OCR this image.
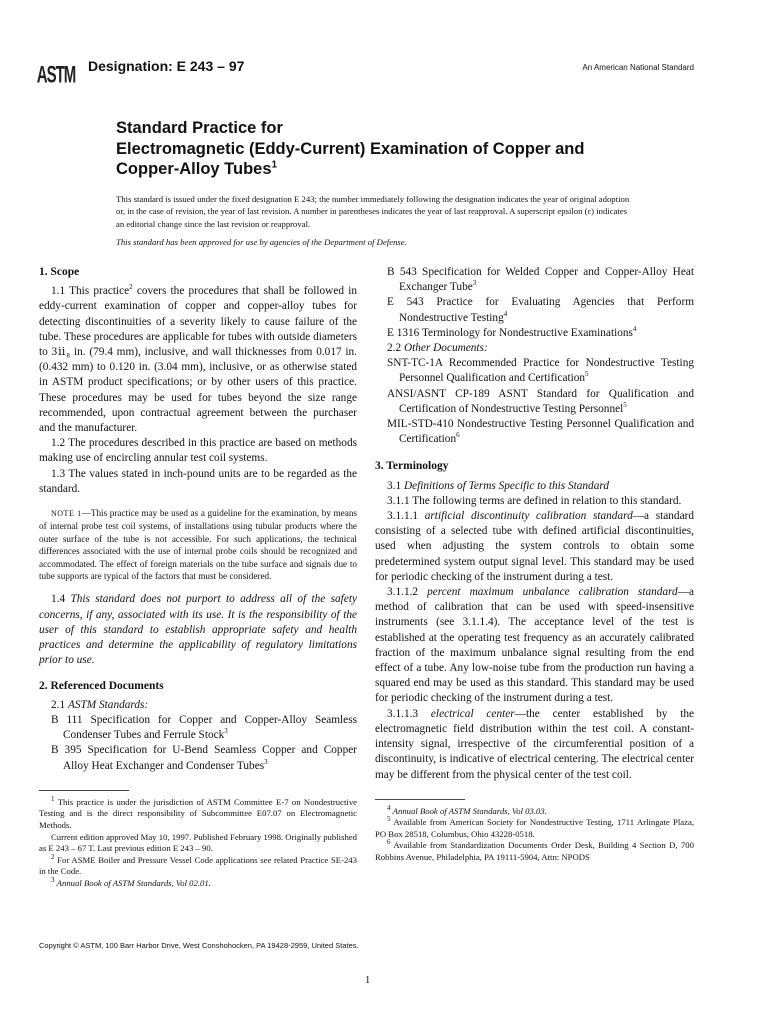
ASTM Designation: E 243 – 97	An American National Standard
Standard Practice for
Electromagnetic (Eddy-Current) Examination of Copper and
Copper-Alloy Tubes$^1$
This standard is issued under the fixed designation E 243; the number immediately following the designation indicates the year of original adoption or, in the case of revision, the year of last revision. A number in parentheses indicates the year of last reapproval. A superscript epsilon (ε) indicates an editorial change since the last revision or reapproval.
This standard has been approved for use by agencies of the Department of Defense.
1. Scope

1.1 This practice$^2$ covers the procedures that shall be followed in eddy-current examination of copper and copper-alloy tubes for detecting discontinuities of a severity likely to cause failure of the tube. These procedures are applicable for tubes with outside diameters to 3ⅱ₈ in. (79.4 mm), inclusive, and wall thicknesses from 0.017 in. (0.432 mm) to 0.120 in. (3.04 mm), inclusive, or as otherwise stated in ASTM product specifications; or by other users of this practice. These procedures may be used for tubes beyond the size range recommended, upon contractual agreement between the purchaser and the manufacturer.

1.2 The procedures described in this practice are based on methods making use of encircling annular test coil systems.

1.3 The values stated in inch-pound units are to be regarded as the standard.

NOTE 1—This practice may be used as a guideline for the examination, by means of internal probe test coil systems, of installations using tubular products where the outer surface of the tube is not accessible. For such applications, the technical differences associated with the use of internal probe coils should be recognized and accommodated. The effect of foreign materials on the tube surface and signals due to tube supports are typical of the factors that must be considered.

1.4 This standard does not purport to address all of the safety concerns, if any, associated with its use. It is the responsibility of the user of this standard to establish appropriate safety and health practices and determine the applicability of regulatory limitations prior to use.

2. Referenced Documents

2.1 ASTM Standards:

B 111 Specification for Copper and Copper-Alloy Seamless Condenser Tubes and Ferrule Stock$^3$

B 395 Specification for U-Bend Seamless Copper and Copper Alloy Heat Exchanger and Condenser Tubes$^3$

$^1$ This practice is under the jurisdiction of ASTM Committee E-7 on Nondestructive Testing and is the direct responsibility of Subcommittee E07.07 on Electromagnetic Methods.
Current edition approved May 10, 1997. Published February 1998. Originally published as E 243 – 67 T. Last previous edition E 243 – 90.
$^2$ For ASME Boiler and Pressure Vessel Code applications see related Practice SE-243 in the Code.
$^3$ Annual Book of ASTM Standards, Vol 02.01.

B 543 Specification for Welded Copper and Copper-Alloy Heat Exchanger Tube$^3$

E 543 Practice for Evaluating Agencies that Perform Nondestructive Testing$^4$

E 1316 Terminology for Nondestructive Examinations$^4$

2.2 Other Documents:

SNT-TC-1A Recommended Practice for Nondestructive Testing Personnel Qualification and Certification$^5$

ANSI/ASNT CP-189 ASNT Standard for Qualification and Certification of Nondestructive Testing Personnel$^5$

MIL-STD-410 Nondestructive Testing Personnel Qualification and Certification$^6$

3. Terminology

3.1 Definitions of Terms Specific to this Standard

3.1.1 The following terms are defined in relation to this standard.

3.1.1.1 artificial discontinuity calibration standard—a standard consisting of a selected tube with defined artificial discontinuities, used when adjusting the system controls to obtain some predetermined system output signal level. This standard may be used for periodic checking of the instrument during a test.

3.1.1.2 percent maximum unbalance calibration standard—a method of calibration that can be used with speed-insensitive instruments (see 3.1.1.4). The acceptance level of the test is established at the operating test frequency as an accurately calibrated fraction of the maximum unbalance signal resulting from the end effect of a tube. Any low-noise tube from the production run having a squared end may be used as this standard. This standard may be used for periodic checking of the instrument during a test.

3.1.1.3 electrical center—the center established by the electromagnetic field distribution within the test coil. A constant-intensity signal, irrespective of the circumferential position of a discontinuity, is indicative of electrical centering. The electrical center may be different from the physical center of the test coil.

$^4$ Annual Book of ASTM Standards, Vol 03.03.
$^5$ Available from American Society for Nondestructive Testing, 1711 Arlingate Plaza, PO Box 28518, Columbus, Ohio 43228-0518.
$^6$ Available from Standardization Documents Order Desk, Building 4 Section D, 700 Robbins Avenue, Philadelphia, PA 19111-5904, Attn: NPODS
Copyright © ASTM, 100 Barr Harbor Drive, West Conshohocken, PA 19428-2959, United States.
1
